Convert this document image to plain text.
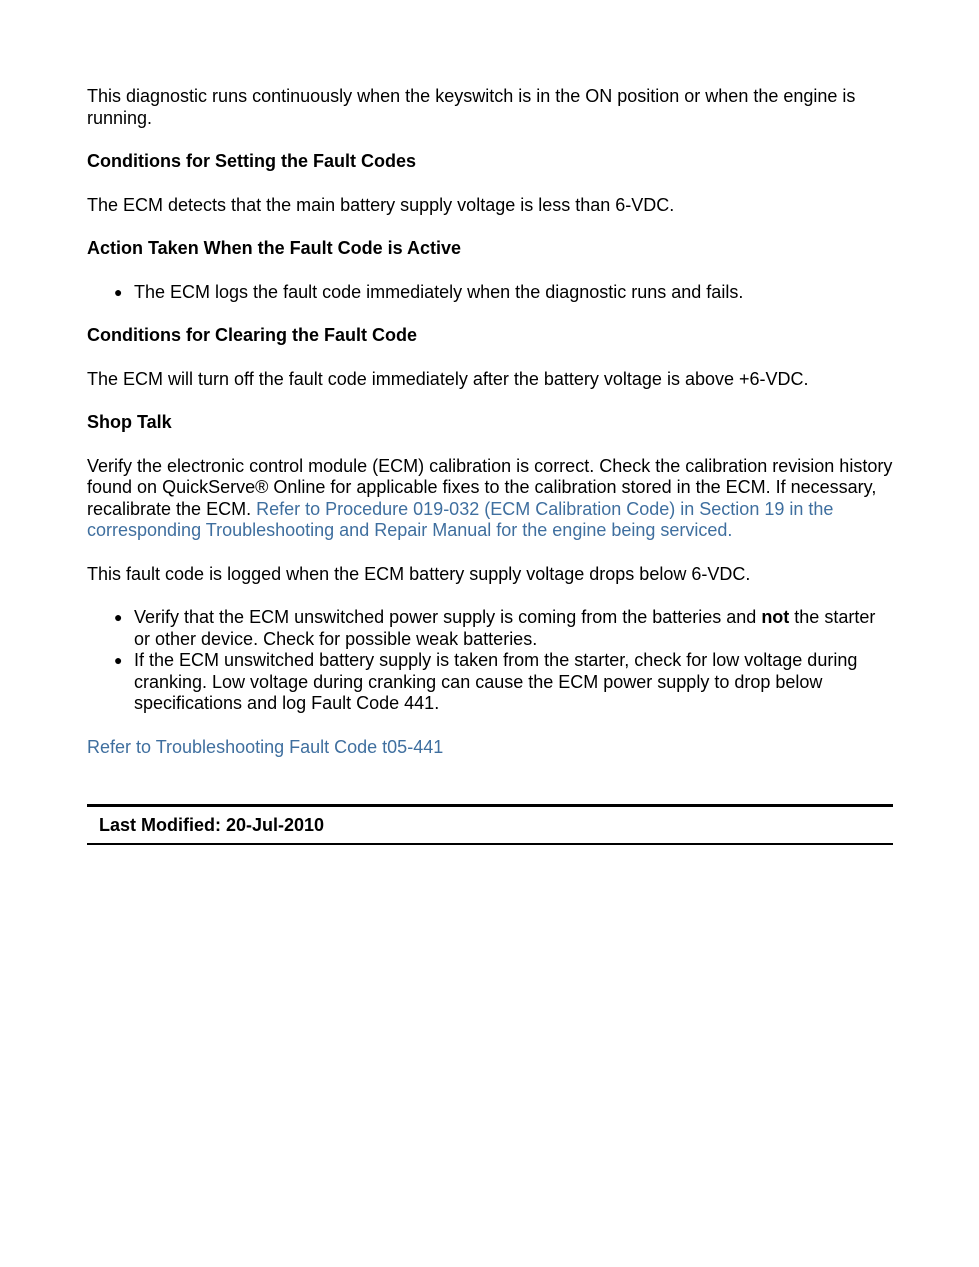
This diagnostic runs continuously when the keyswitch is in the ON position or when the engine is running.

Conditions for Setting the Fault Codes

The ECM detects that the main battery supply voltage is less than 6-VDC.

Action Taken When the Fault Code is Active

● The ECM logs the fault code immediately when the diagnostic runs and fails.

Conditions for Clearing the Fault Code

The ECM will turn off the fault code immediately after the battery voltage is above +6-VDC.

Shop Talk

Verify the electronic control module (ECM) calibration is correct. Check the calibration revision history found on QuickServe® Online for applicable fixes to the calibration stored in the ECM. If necessary, recalibrate the ECM. Refer to Procedure 019-032 (ECM Calibration Code) in Section 19 in the corresponding Troubleshooting and Repair Manual for the engine being serviced.

This fault code is logged when the ECM battery supply voltage drops below 6-VDC.

● Verify that the ECM unswitched power supply is coming from the batteries and not the starter or other device. Check for possible weak batteries.
● If the ECM unswitched battery supply is taken from the starter, check for low voltage during cranking. Low voltage during cranking can cause the ECM power supply to drop below specifications and log Fault Code 441.

Refer to Troubleshooting Fault Code t05-441

Last Modified: 20-Jul-2010
